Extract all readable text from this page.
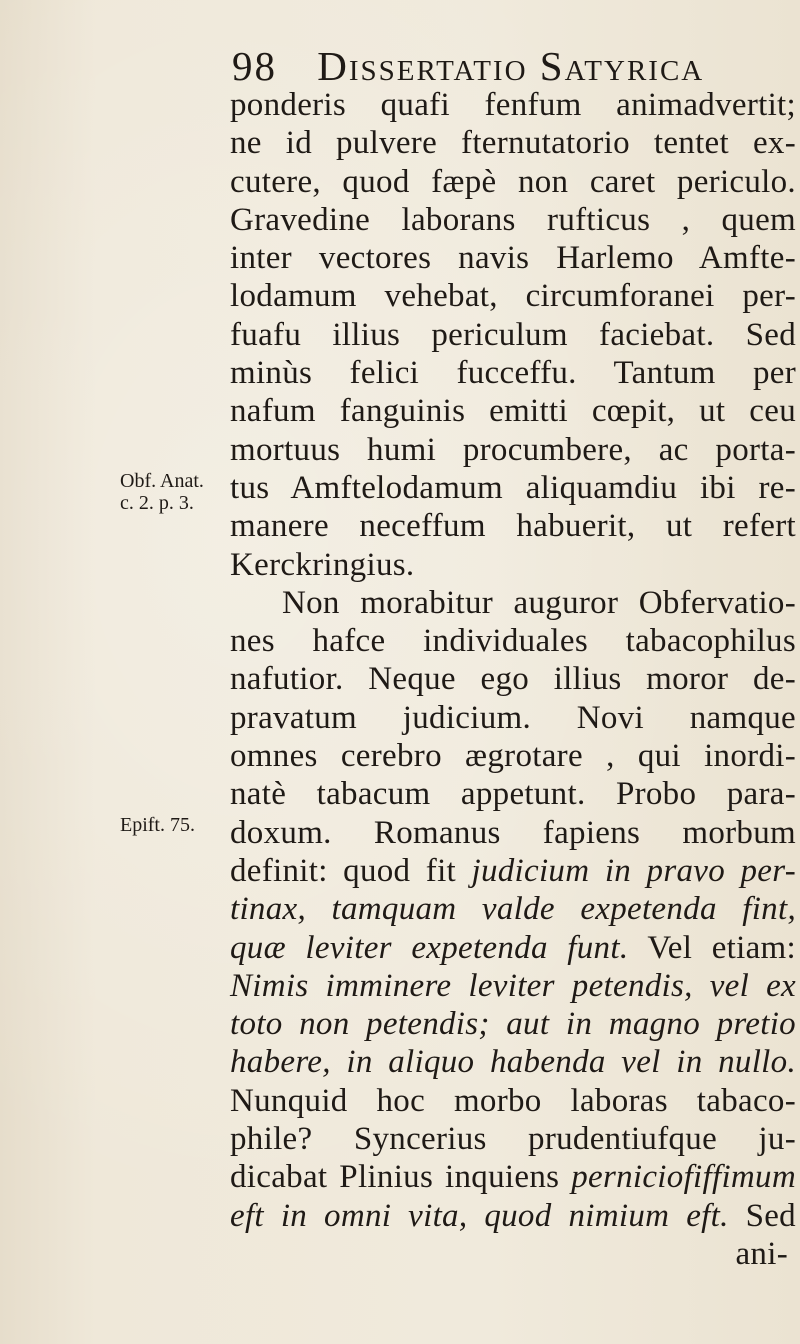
98 Dissertatio Satyrica
Obf. Anat.
c. 2. p. 3.
Epift. 75.
ponderis quafi fenfum animadvertit;
ne id pulvere fternutatorio tentet ex-
cutere, quod fæpè non caret periculo.
Gravedine laborans rufticus , quem
inter vectores navis Harlemo Amfte-
lodamum vehebat, circumforanei per-
fuafu illius periculum faciebat. Sed
minùs felici fucceffu. Tantum per
nafum fanguinis emitti cœpit, ut ceu
mortuus humi procumbere, ac porta-
tus Amftelodamum aliquamdiu ibi re-
manere neceffum habuerit, ut refert
Kerckringius.
Non morabitur auguror Obfervatio-
nes hafce individuales tabacophilus
nafutior. Neque ego illius moror de-
pravatum judicium. Novi namque
omnes cerebro ægrotare , qui inordi-
natè tabacum appetunt. Probo para-
doxum. Romanus fapiens morbum
definit: quod fit judicium in pravo per-
tinax, tamquam valde expetenda fint,
quæ leviter expetenda funt. Vel etiam:
Nimis imminere leviter petendis, vel ex
toto non petendis; aut in magno pretio
habere, in aliquo habenda vel in nullo.
Nunquid hoc morbo laboras tabaco-
phile? Syncerius prudentiufque ju-
dicabat Plinius inquiens perniciofiffimum
eft in omni vita, quod nimium eft. Sed
ani-
